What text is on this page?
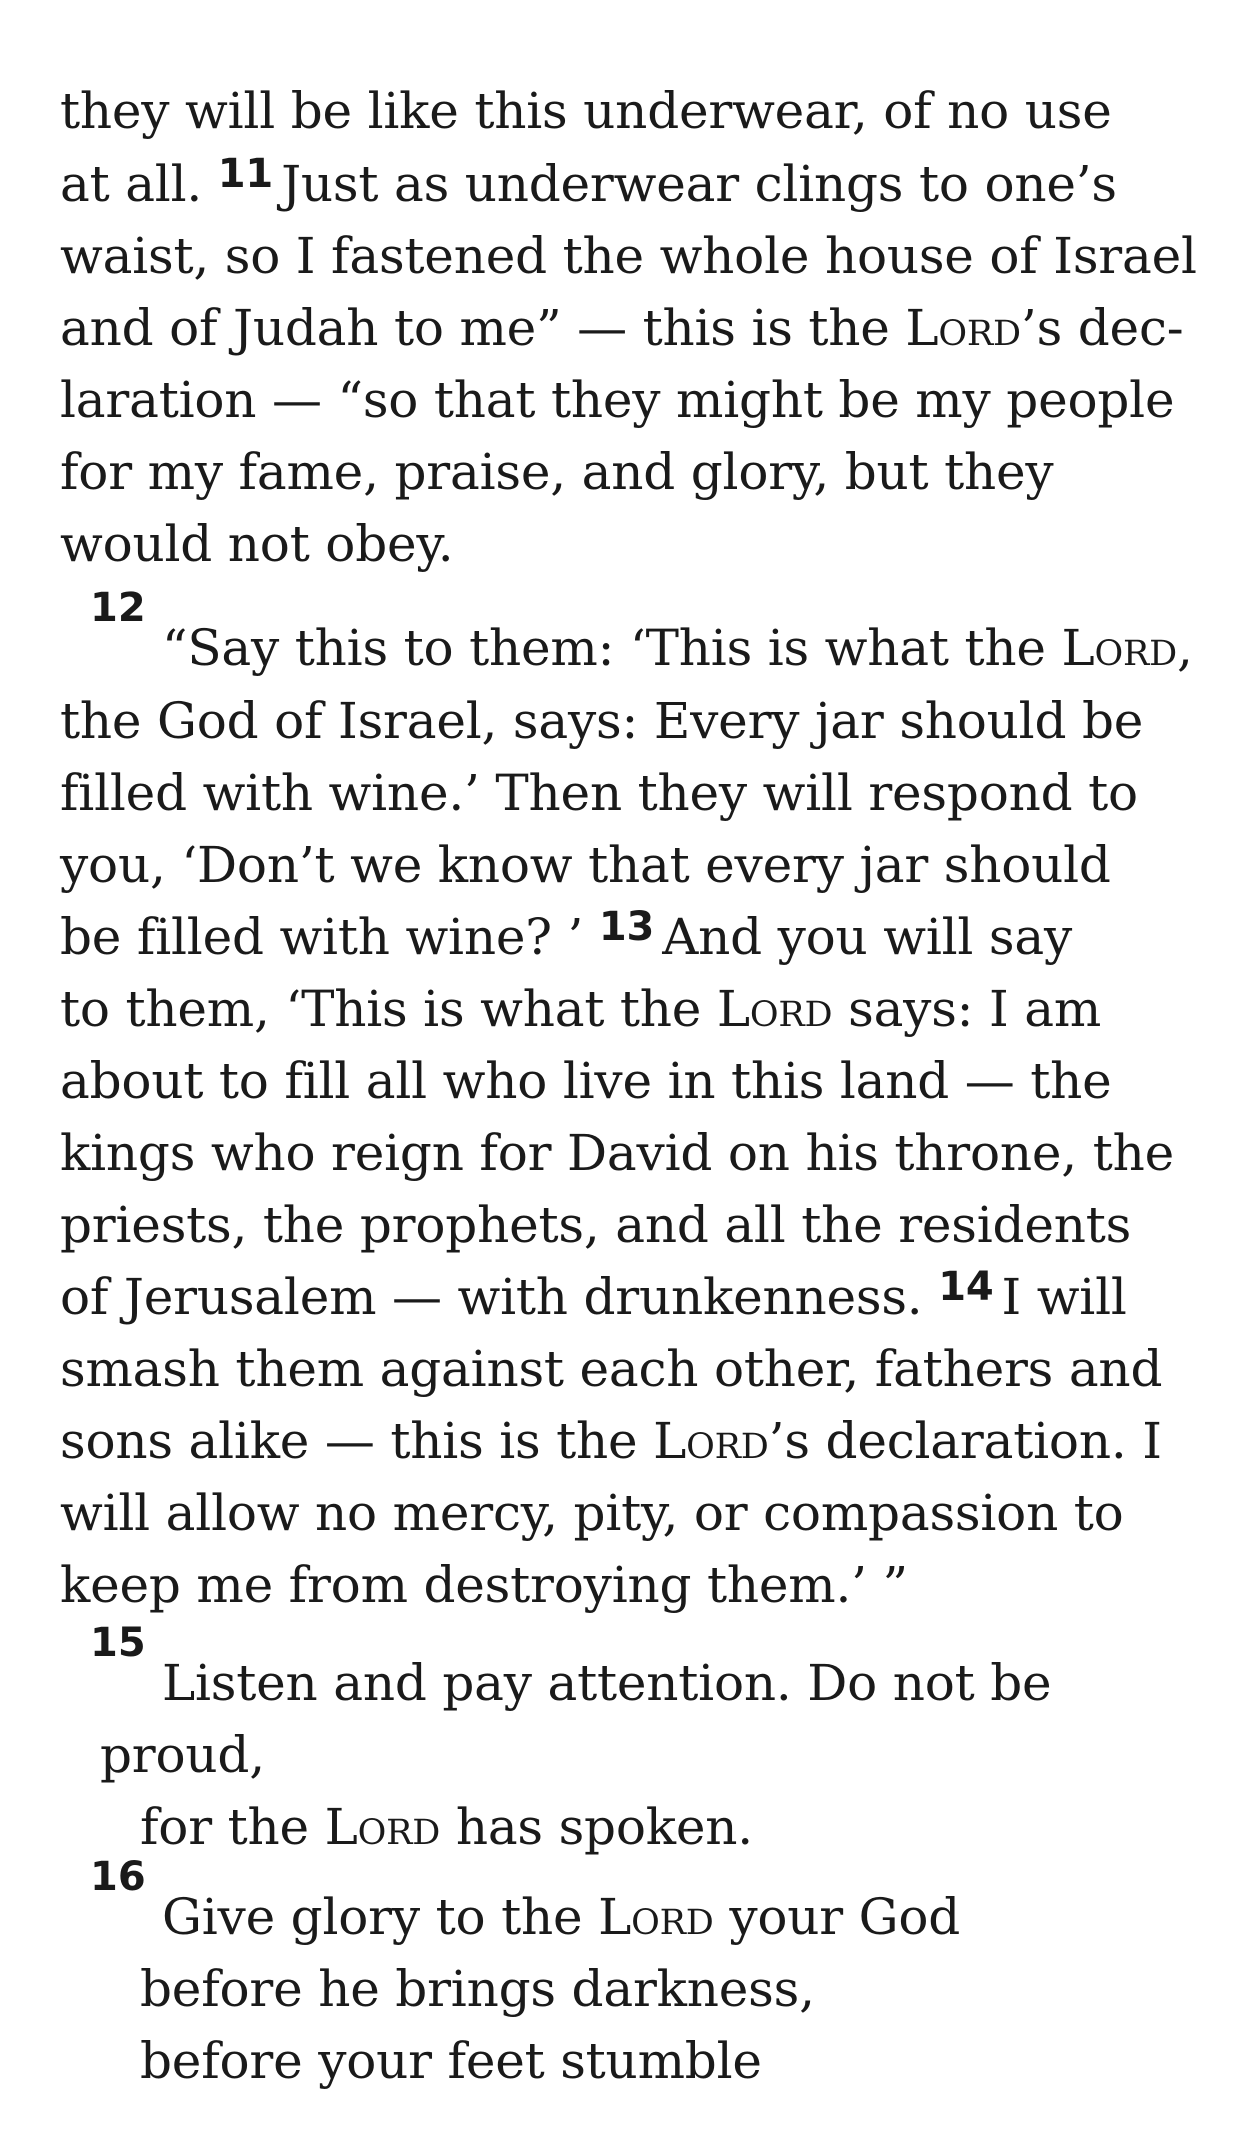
they will be like this underwear, of no use
at all. $^{11}$ Just as underwear clings to one’s
waist, so I fastened the whole house of Israel
and of Judah to me” — this is the Lord’s dec-
laration — “so that they might be my people
for my fame, praise, and glory, but they
would not obey.
12
“Say this to them: ‘This is what the Lord,
the God of Israel, says: Every jar should be
filled with wine.’ Then they will respond to
you, ‘Don’t we know that every jar should
be filled with wine? ’ $^{13}$ And you will say
to them, ‘This is what the Lord says: I am
about to fill all who live in this land — the
kings who reign for David on his throne, the
priests, the prophets, and all the residents
of Jerusalem — with drunkenness. $^{14}$ I will
smash them against each other, fathers and
sons alike — this is the Lord’s declaration. I
will allow no mercy, pity, or compassion to
keep me from destroying them.’ ”
15
Listen and pay attention. Do not be
proud,
for the Lord has spoken.
16
Give glory to the Lord your God
before he brings darkness,
before your feet stumble
